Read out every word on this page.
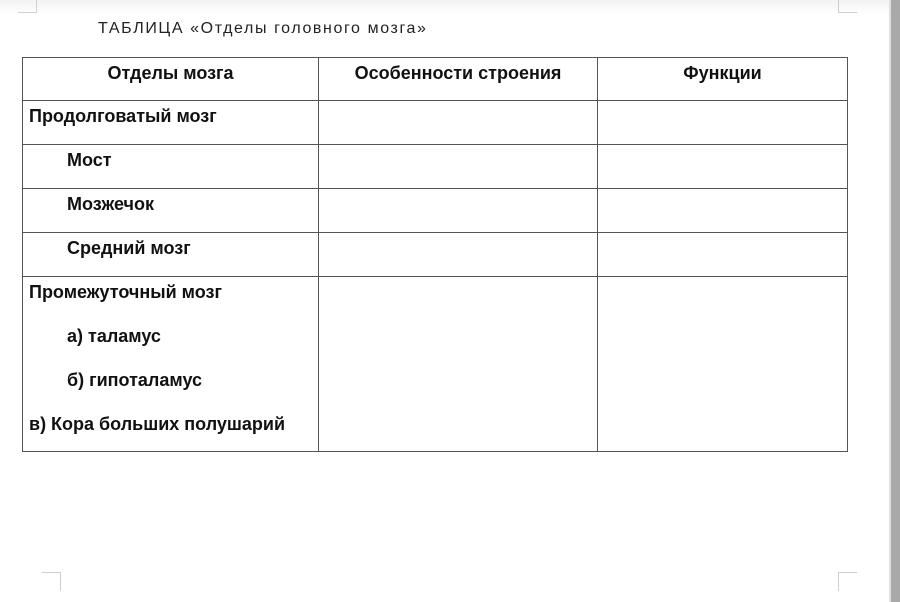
ТАБЛИЦА «Отделы головного мозга»
Отделы мозга	Особенности строения	Функции
Продолговатый мозг		
Мост		
Мозжечок		
Средний мозг		

Промежуточный мозг
а) таламус
б) гипоталамус
в) Кора больших полушарий		
